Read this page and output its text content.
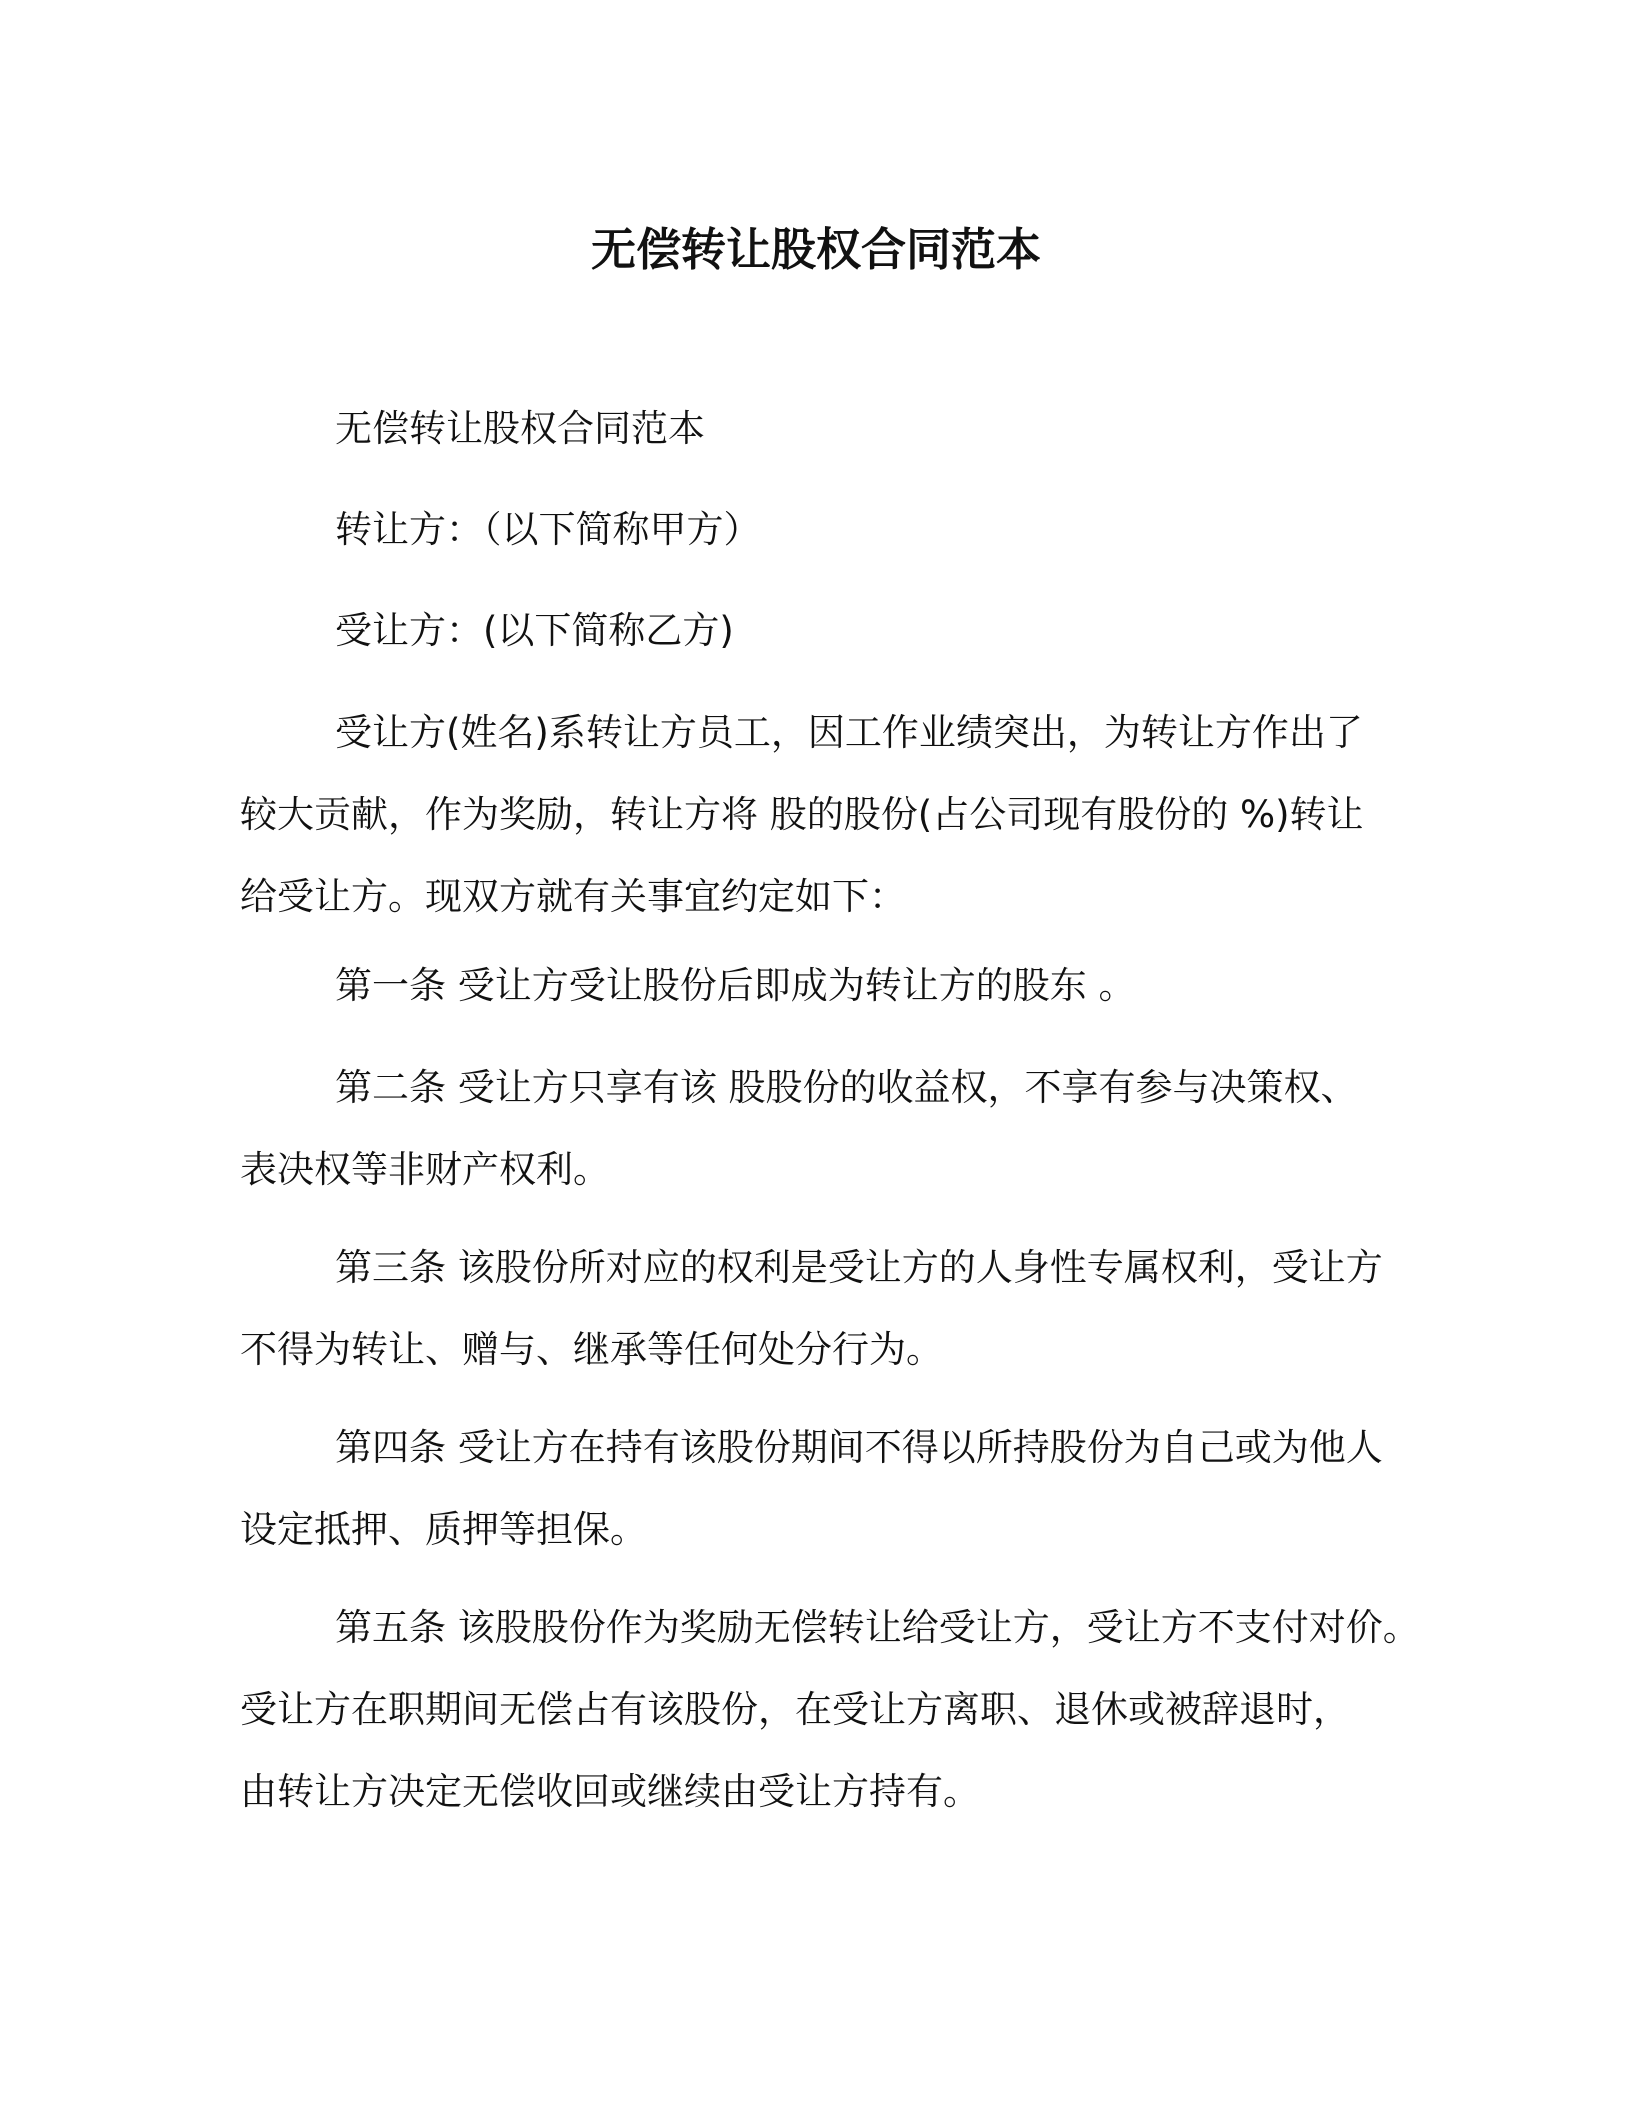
无偿转让股权合同范本
无偿转让股权合同范本
转让方：（以下简称甲方）
受让方：(以下简称乙方)
受让方(姓名)系转让方员工，因工作业绩突出，为转让方作出了
较大贡献，作为奖励，转让方将 股的股份(占公司现有股份的 %)转让
给受让方。现双方就有关事宜约定如下：
第一条 受让方受让股份后即成为转让方的股东 。
第二条 受让方只享有该 股股份的收益权，不享有参与决策权、
表决权等非财产权利。
第三条 该股份所对应的权利是受让方的人身性专属权利，受让方
不得为转让、赠与、继承等任何处分行为。
第四条 受让方在持有该股份期间不得以所持股份为自己或为他人
设定抵押、质押等担保。
第五条 该股股份作为奖励无偿转让给受让方，受让方不支付对价。
受让方在职期间无偿占有该股份，在受让方离职、退休或被辞退时，
由转让方决定无偿收回或继续由受让方持有。
